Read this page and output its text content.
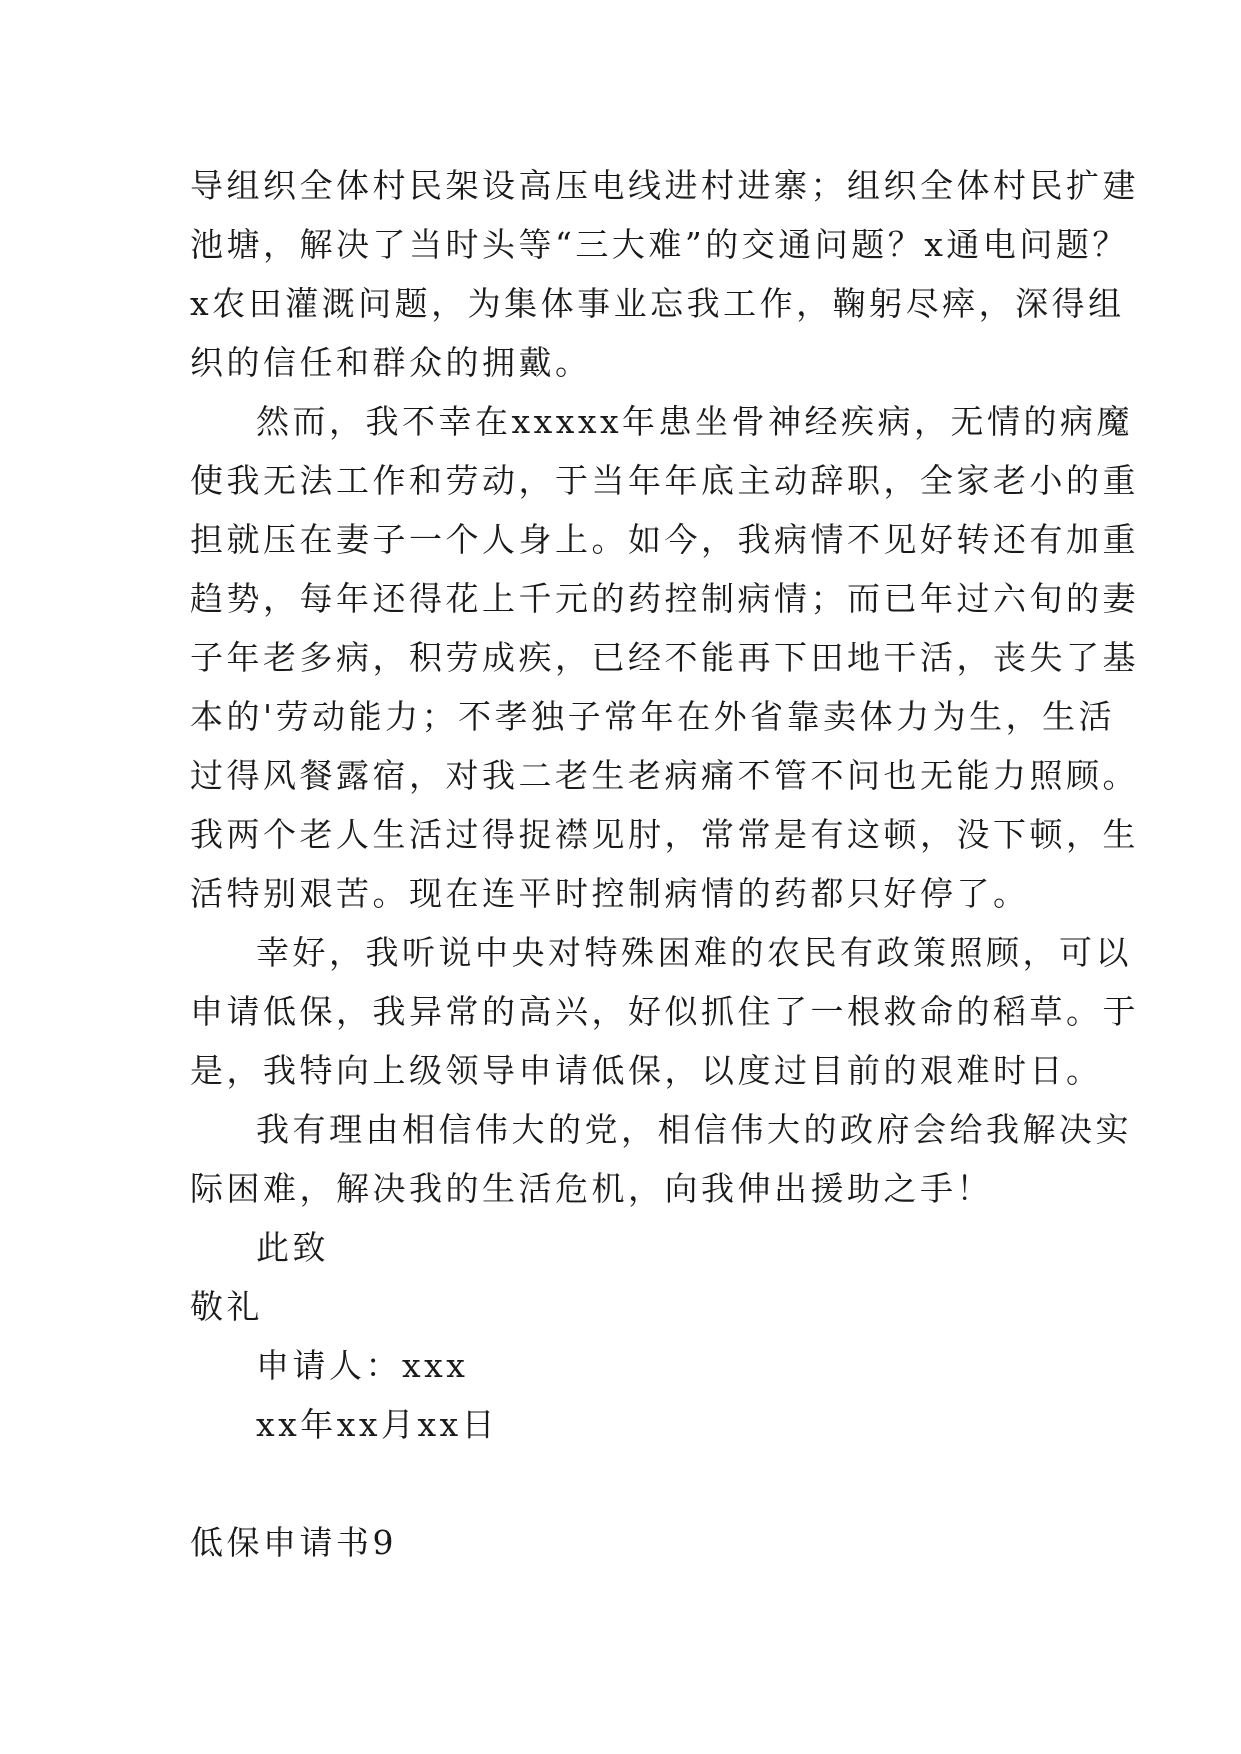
导组织全体村民架设高压电线进村进寨；组织全体村民扩建
池塘，解决了当时头等“三大难”的交通问题？x通电问题？
x农田灌溉问题，为集体事业忘我工作，鞠躬尽瘁，深得组
织的信任和群众的拥戴。
然而，我不幸在xxxxx年患坐骨神经疾病，无情的病魔
使我无法工作和劳动，于当年年底主动辞职，全家老小的重
担就压在妻子一个人身上。如今，我病情不见好转还有加重
趋势，每年还得花上千元的药控制病情；而已年过六旬的妻
子年老多病，积劳成疾，已经不能再下田地干活，丧失了基
本的'劳动能力；不孝独子常年在外省靠卖体力为生，生活
过得风餐露宿，对我二老生老病痛不管不问也无能力照顾。
我两个老人生活过得捉襟见肘，常常是有这顿，没下顿，生
活特别艰苦。现在连平时控制病情的药都只好停了。
幸好，我听说中央对特殊困难的农民有政策照顾，可以
申请低保，我异常的高兴，好似抓住了一根救命的稻草。于
是，我特向上级领导申请低保，以度过目前的艰难时日。
我有理由相信伟大的党，相信伟大的政府会给我解决实
际困难，解决我的生活危机，向我伸出援助之手！
此致
敬礼
申请人：xxx
xx年xx月xx日
低保申请书9
